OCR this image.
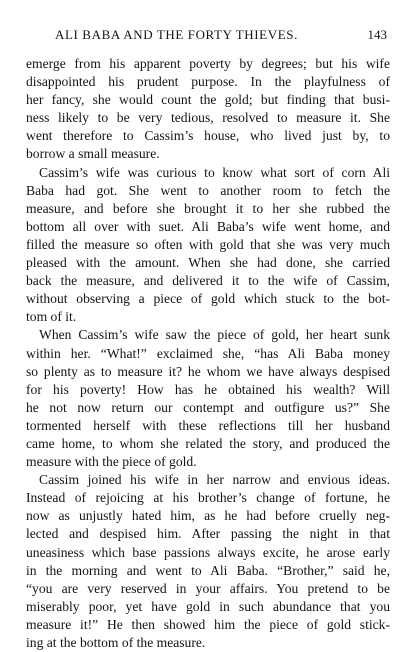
ALI BABA AND THE FORTY THIEVES.	143
emerge from his apparent poverty by degrees; but his wife
disappointed his prudent purpose. In the playfulness of
her fancy, she would count the gold; but finding that busi-
ness likely to be very tedious, resolved to measure it. She
went therefore to Cassim’s house, who lived just by, to
borrow a small measure.
Cassim’s wife was curious to know what sort of corn Ali
Baba had got. She went to another room to fetch the
measure, and before she brought it to her she rubbed the
bottom all over with suet. Ali Baba’s wife went home, and
filled the measure so often with gold that she was very much
pleased with the amount. When she had done, she carried
back the measure, and delivered it to the wife of Cassim,
without observing a piece of gold which stuck to the bot-
tom of it.
When Cassim’s wife saw the piece of gold, her heart sunk
within her. “What!” exclaimed she, “has Ali Baba money
so plenty as to measure it? he whom we have always despised
for his poverty! How has he obtained his wealth? Will
he not now return our contempt and outfigure us?” She
tormented herself with these reflections till her husband
came home, to whom she related the story, and produced the
measure with the piece of gold.
Cassim joined his wife in her narrow and envious ideas.
Instead of rejoicing at his brother’s change of fortune, he
now as unjustly hated him, as he had before cruelly neg-
lected and despised him. After passing the night in that
uneasiness which base passions always excite, he arose early
in the morning and went to Ali Baba. “Brother,” said he,
“you are very reserved in your affairs. You pretend to be
miserably poor, yet have gold in such abundance that you
measure it!” He then showed him the piece of gold stick-
ing at the bottom of the measure.
